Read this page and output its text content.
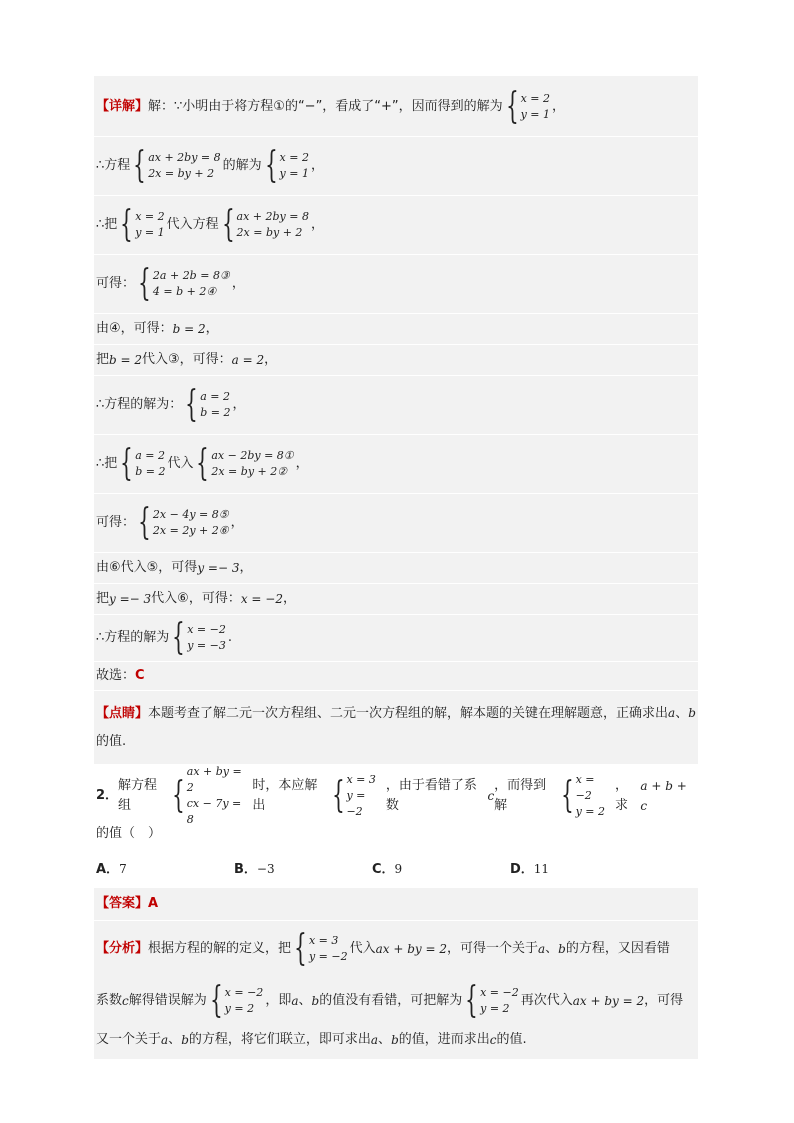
【详解】 解：∵小明由于将方程①的“−”，看成了“+”，因而得到的解为 { x = 2
y = 1
，
∴方程 { ax + 2by = 8
2x = by + 2
的解为 { x = 2
y = 1
，
∴把 { x = 2
y = 1
代入方程 { ax + 2by = 8
2x = by + 2
，
可得： { 2a + 2b = 8③
4 = b + 2④
，
由④，可得： b = 2 ，
把 b = 2 代入③，可得： a = 2 ，
∴方程的解为： { a = 2
b = 2
，
∴把 { a = 2
b = 2
代入 { ax − 2by = 8①
2x = by + 2②
，
可得： { 2x − 4y = 8⑤
2x = 2y + 2⑥
，
由⑥代入⑤，可得 y =− 3 ，
把 y =− 3 代入⑥，可得： x = −2 ，
∴方程的解为 { x = −2
y = −3
.
故选： C
【点睛】本题考查了解二元一次方程组、二元一次方程组的解，解本题的关键在理解题意，正确求出a、b的值.
2．
解方程组	{
ax + by = 2
cx − 7y = 8
时，本应解出	{ x = 3
y = −2
，由于看错了系数
c
，而得到解	{ x = −2
y = 2
，求
a + b + c
的值（　）
A．7	B．−3	C．9	D．11
【答案】 A
【分析】 根据方程的解的定义，把 { x = 3
y = −2
代入 ax + by = 2 ，可得一个关于 a 、 b 的方程，又因看错
系数 c 解得错误解为 { x = −2
y = 2
，即 a 、 b 的值没有看错，可把解为 { x = −2
y = 2
再次代入 ax + by = 2 ，可得
又一个关于 a 、 b 的方程，将它们联立，即可求出 a 、 b 的值，进而求出 c 的值.
